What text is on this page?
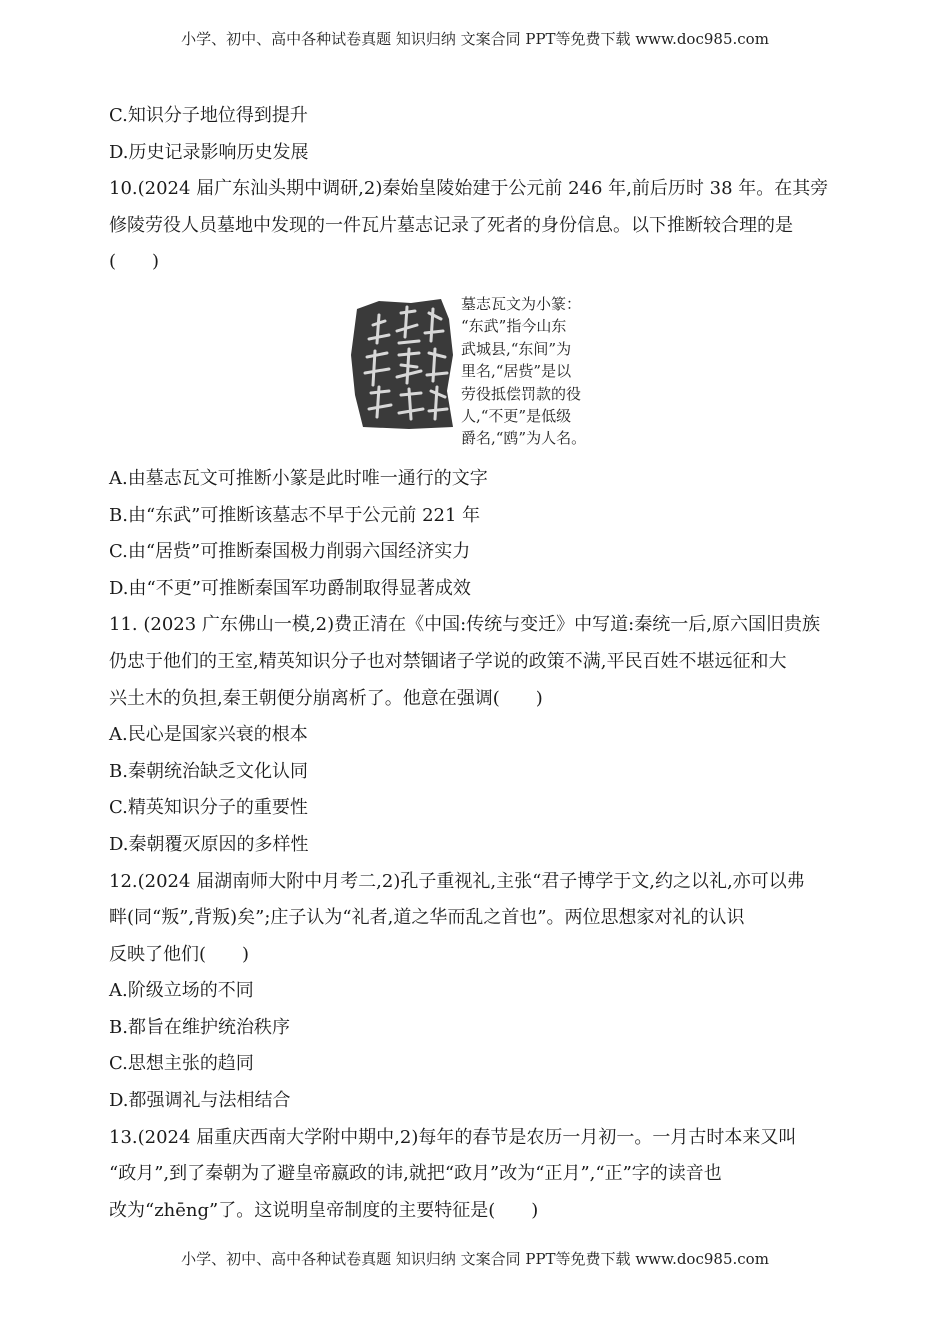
小学、初中、高中各种试卷真题 知识归纳 文案合同 PPT等免费下载 www.doc985.com
C.知识分子地位得到提升
D.历史记录影响历史发展
10.(2024 届广东汕头期中调研,2)秦始皇陵始建于公元前 246 年,前后历时 38 年。在其旁
修陵劳役人员墓地中发现的一件瓦片墓志记录了死者的身份信息。以下推断较合理的是
(　　)
墓志瓦文为小篆：
“东武”指今山东
武城县,“东间”为
里名,“居赀”是以
劳役抵偿罚款的役
人,“不更”是低级
爵名,“鸥”为人名。
A.由墓志瓦文可推断小篆是此时唯一通行的文字
B.由“东武”可推断该墓志不早于公元前 221 年
C.由“居赀”可推断秦国极力削弱六国经济实力
D.由“不更”可推断秦国军功爵制取得显著成效
11. (2023 广东佛山一模,2)费正清在《中国:传统与变迁》中写道:秦统一后,原六国旧贵族
仍忠于他们的王室,精英知识分子也对禁锢诸子学说的政策不满,平民百姓不堪远征和大
兴土木的负担,秦王朝便分崩离析了。他意在强调(　　)
A.民心是国家兴衰的根本
B.秦朝统治缺乏文化认同
C.精英知识分子的重要性
D.秦朝覆灭原因的多样性
12.(2024 届湖南师大附中月考二,2)孔子重视礼,主张“君子博学于文,约之以礼,亦可以弗
畔(同“叛”,背叛)矣”;庄子认为“礼者,道之华而乱之首也”。两位思想家对礼的认识
反映了他们(　　)
A.阶级立场的不同
B.都旨在维护统治秩序
C.思想主张的趋同
D.都强调礼与法相结合
13.(2024 届重庆西南大学附中期中,2)每年的春节是农历一月初一。一月古时本来又叫
“政月”,到了秦朝为了避皇帝嬴政的讳,就把“政月”改为“正月”,“正”字的读音也
改为“zhēng”了。这说明皇帝制度的主要特征是(　　)
小学、初中、高中各种试卷真题 知识归纳 文案合同 PPT等免费下载 www.doc985.com
